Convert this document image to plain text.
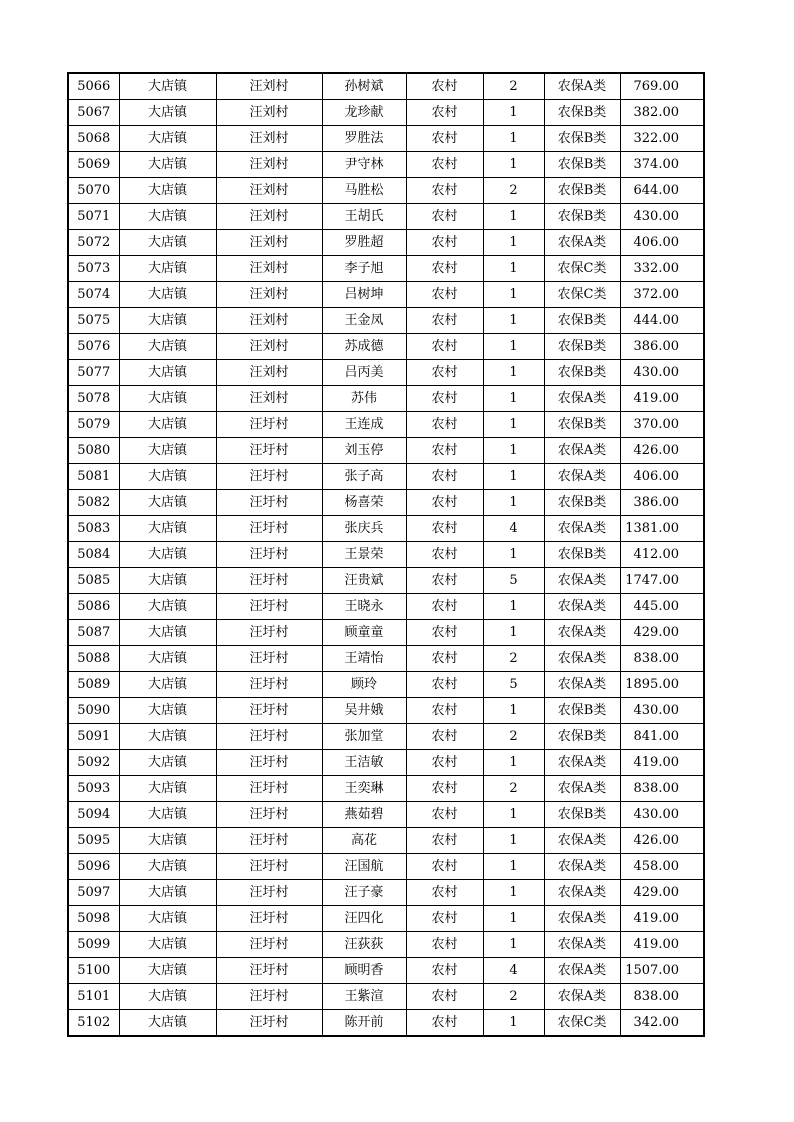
5066	大店镇	汪刘村	孙树斌	农村	2	农保A类	769.00
5067	大店镇	汪刘村	龙珍献	农村	1	农保B类	382.00
5068	大店镇	汪刘村	罗胜法	农村	1	农保B类	322.00
5069	大店镇	汪刘村	尹守林	农村	1	农保B类	374.00
5070	大店镇	汪刘村	马胜松	农村	2	农保B类	644.00
5071	大店镇	汪刘村	王胡氏	农村	1	农保B类	430.00
5072	大店镇	汪刘村	罗胜超	农村	1	农保A类	406.00
5073	大店镇	汪刘村	李子旭	农村	1	农保C类	332.00
5074	大店镇	汪刘村	吕树坤	农村	1	农保C类	372.00
5075	大店镇	汪刘村	王金凤	农村	1	农保B类	444.00
5076	大店镇	汪刘村	苏成德	农村	1	农保B类	386.00
5077	大店镇	汪刘村	吕丙美	农村	1	农保B类	430.00
5078	大店镇	汪刘村	苏伟	农村	1	农保A类	419.00
5079	大店镇	汪圩村	王连成	农村	1	农保B类	370.00
5080	大店镇	汪圩村	刘玉停	农村	1	农保A类	426.00
5081	大店镇	汪圩村	张子高	农村	1	农保A类	406.00
5082	大店镇	汪圩村	杨喜荣	农村	1	农保B类	386.00
5083	大店镇	汪圩村	张庆兵	农村	4	农保A类	1381.00
5084	大店镇	汪圩村	王景荣	农村	1	农保B类	412.00
5085	大店镇	汪圩村	汪贵斌	农村	5	农保A类	1747.00
5086	大店镇	汪圩村	王晓永	农村	1	农保A类	445.00
5087	大店镇	汪圩村	顾童童	农村	1	农保A类	429.00
5088	大店镇	汪圩村	王靖怡	农村	2	农保A类	838.00
5089	大店镇	汪圩村	顾玲	农村	5	农保A类	1895.00
5090	大店镇	汪圩村	吴井娥	农村	1	农保B类	430.00
5091	大店镇	汪圩村	张加堂	农村	2	农保B类	841.00
5092	大店镇	汪圩村	王洁敏	农村	1	农保A类	419.00
5093	大店镇	汪圩村	王奕琳	农村	2	农保A类	838.00
5094	大店镇	汪圩村	燕茹碧	农村	1	农保B类	430.00
5095	大店镇	汪圩村	高花	农村	1	农保A类	426.00
5096	大店镇	汪圩村	汪国航	农村	1	农保A类	458.00
5097	大店镇	汪圩村	汪子豪	农村	1	农保A类	429.00
5098	大店镇	汪圩村	汪四化	农村	1	农保A类	419.00
5099	大店镇	汪圩村	汪荻荻	农村	1	农保A类	419.00
5100	大店镇	汪圩村	顾明香	农村	4	农保A类	1507.00
5101	大店镇	汪圩村	王紫渲	农村	2	农保A类	838.00
5102	大店镇	汪圩村	陈开前	农村	1	农保C类	342.00
